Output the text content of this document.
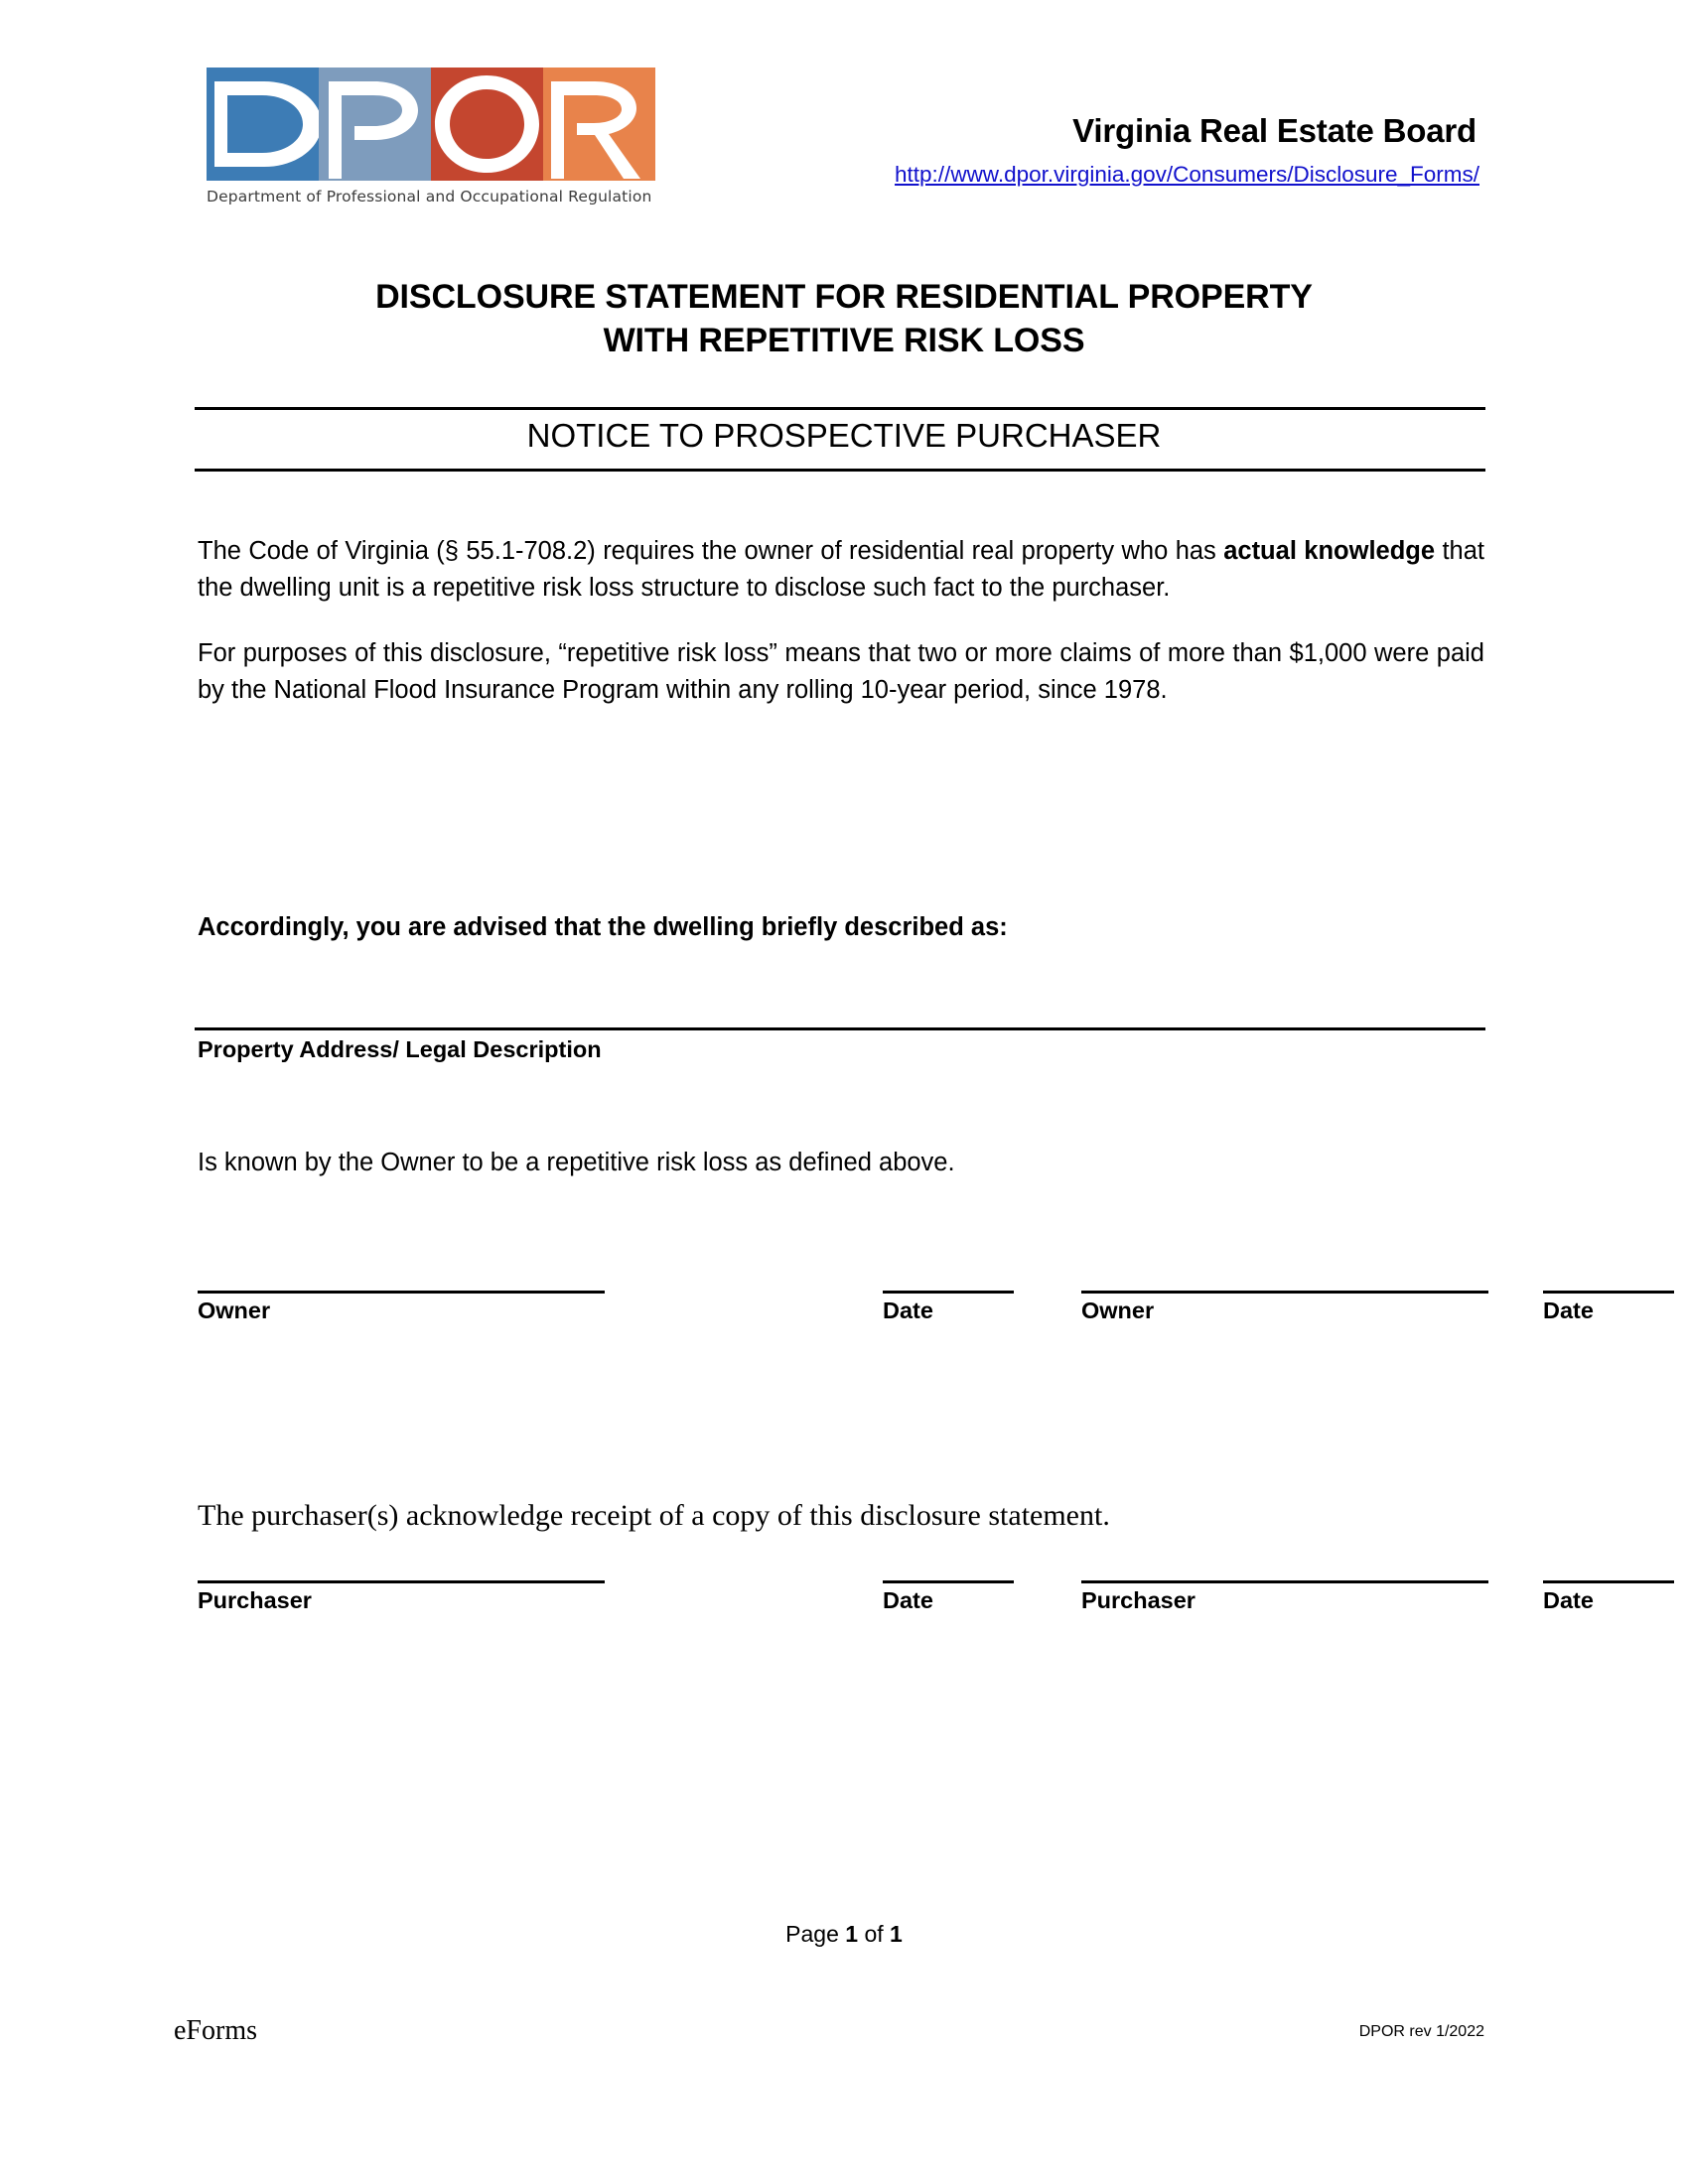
Department of Professional and Occupational Regulation
Virginia Real Estate Board
http://www.dpor.virginia.gov/Consumers/Disclosure_Forms/
DISCLOSURE STATEMENT FOR RESIDENTIAL PROPERTY
WITH REPETITIVE RISK LOSS
NOTICE TO PROSPECTIVE PURCHASER

The Code of Virginia (§ 55.1-708.2) requires the owner of residential real property who has actual knowledge that the dwelling unit is a repetitive risk loss structure to disclose such fact to the purchaser.

For purposes of this disclosure, “repetitive risk loss” means that two or more claims of more than $1,000 were paid by the National Flood Insurance Program within any rolling 10-year period, since 1978.

Accordingly, you are advised that the dwelling briefly described as:
Property Address/ Legal Description
Is known by the Owner to be a repetitive risk loss as defined above.
Owner	Date	Owner	Date
The purchaser(s) acknowledge receipt of a copy of this disclosure statement.
Purchaser	Date	Purchaser	Date
Page 1 of 1
eForms	DPOR rev 1/2022
